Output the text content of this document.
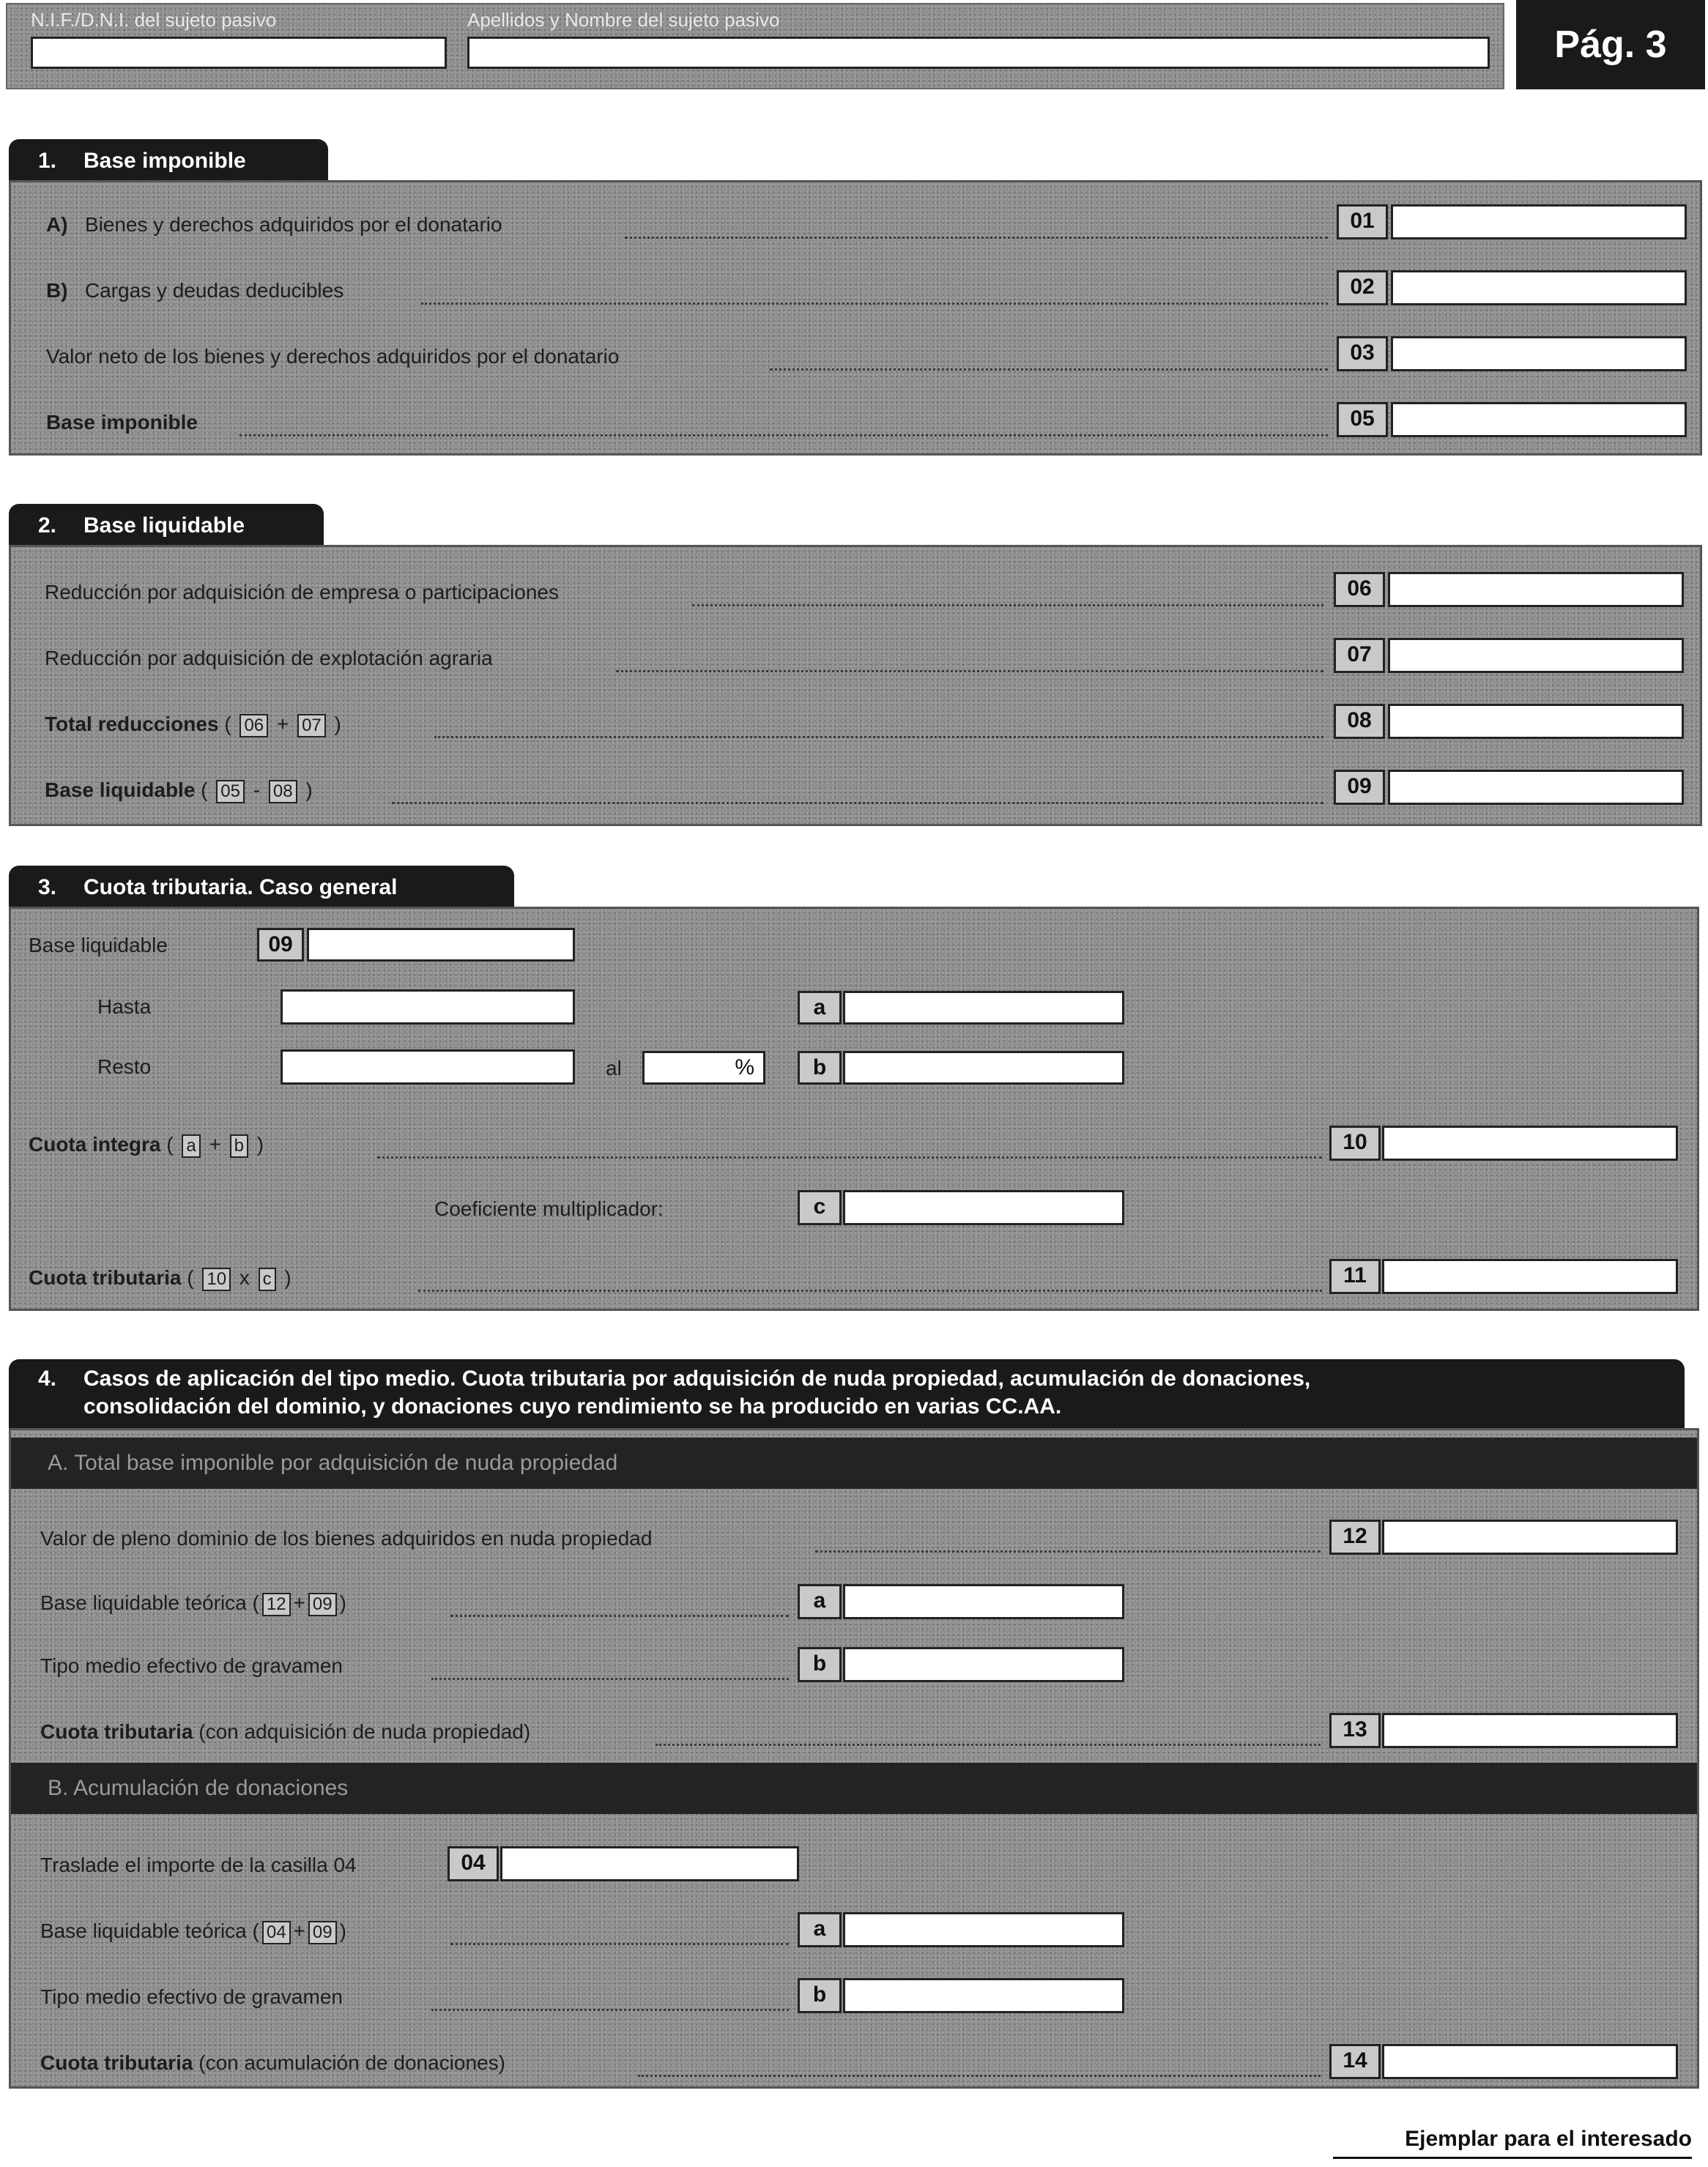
N.I.F./D.N.I. del sujeto pasivo	Apellidos y Nombre del sujeto pasivo
Pág. 3
1. Base imponible
A) Bienes y derechos adquiridos por el donatario	01
B) Cargas y deudas deducibles	02
Valor neto de los bienes y derechos adquiridos por el donatario	03
Base imponible	05
2. Base liquidable
Reducción por adquisición de empresa o participaciones	06
Reducción por adquisición de explotación agraria	07
Total reducciones ( 06 + 07 )	08
Base liquidable ( 05 - 08 )	09
3. Cuota tributaria. Caso general
Base liquidable	09
Hasta	a
Resto	al	%	b
Cuota integra ( a + b )	10
Coeficiente multiplicador:	c
Cuota tributaria ( 10 x c )	11
4. Casos de aplicación del tipo medio. Cuota tributaria por adquisición de nuda propiedad, acumulación de donaciones,
consolidación del dominio, y donaciones cuyo rendimiento se ha producido en varias CC.AA.
A. Total base imponible por adquisición de nuda propiedad
Valor de pleno dominio de los bienes adquiridos en nuda propiedad	12
Base liquidable teórica ( 12 + 09 )	a
Tipo medio efectivo de gravamen	b
Cuota tributaria (con adquisición de nuda propiedad)	13
B. Acumulación de donaciones
Traslade el importe de la casilla 04	04
Base liquidable teórica ( 04 + 09 )	a
Tipo medio efectivo de gravamen	b
Cuota tributaria (con acumulación de donaciones)	14
Ejemplar para el interesado
